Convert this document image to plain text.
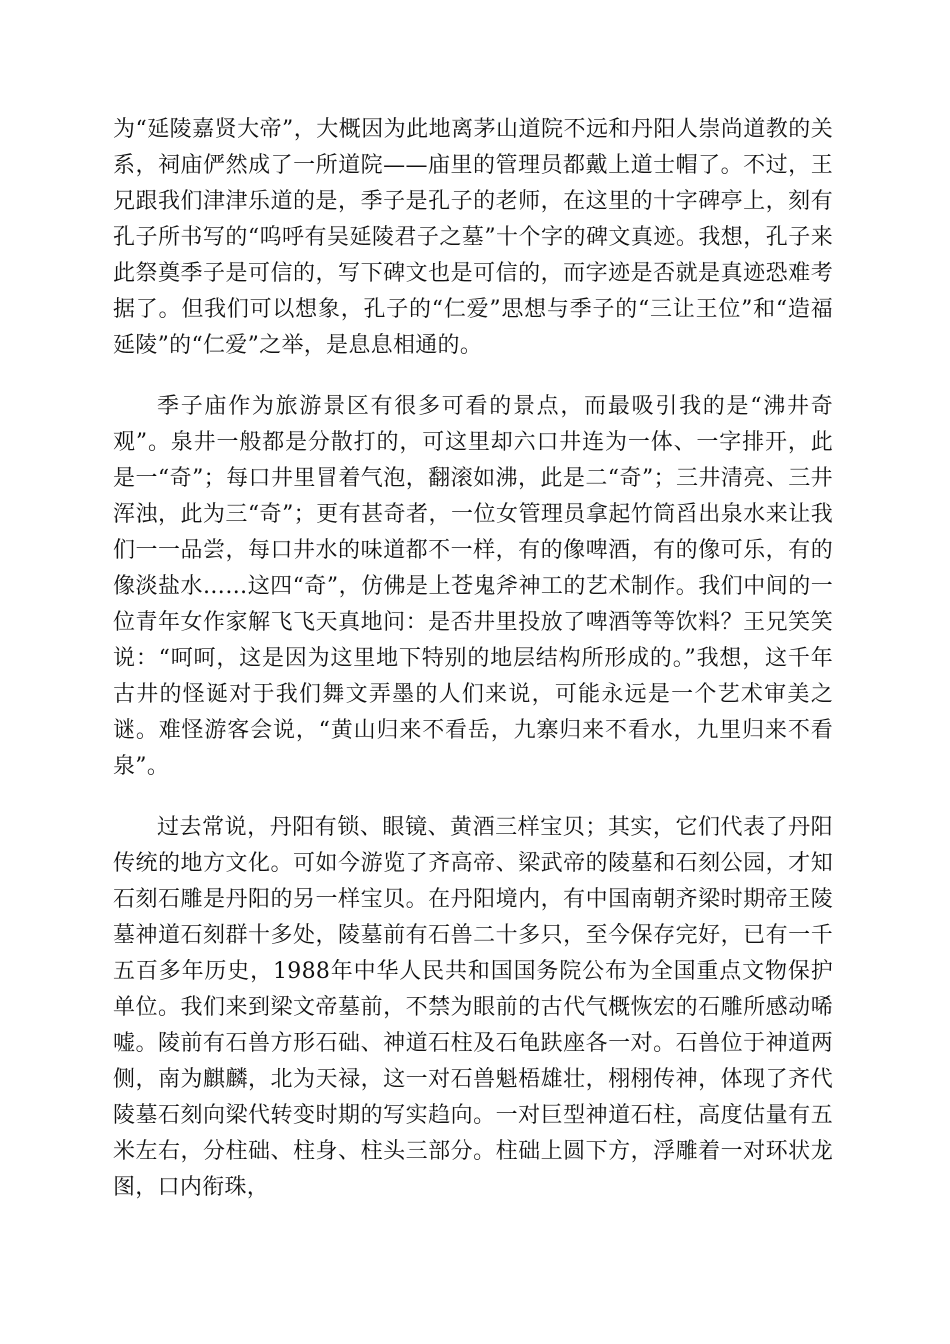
为“延陵嘉贤大帝”，大概因为此地离茅山道院不远和丹阳人崇尚道教的关系，祠庙俨然成了一所道院——庙里的管理员都戴上道士帽了。不过，王兄跟我们津津乐道的是，季子是孔子的老师，在这里的十字碑亭上，刻有孔子所书写的“呜呼有吴延陵君子之墓”十个字的碑文真迹。我想，孔子来此祭奠季子是可信的，写下碑文也是可信的，而字迹是否就是真迹恐难考据了。但我们可以想象，孔子的“仁爱”思想与季子的“三让王位”和“造福延陵”的“仁爱”之举，是息息相通的。

季子庙作为旅游景区有很多可看的景点，而最吸引我的是“沸井奇观”。泉井一般都是分散打的，可这里却六口井连为一体、一字排开，此是一“奇”；每口井里冒着气泡，翻滚如沸，此是二“奇”；三井清亮、三井浑浊，此为三“奇”；更有甚奇者，一位女管理员拿起竹筒舀出泉水来让我们一一品尝，每口井水的味道都不一样，有的像啤酒，有的像可乐，有的像淡盐水……这四“奇”，仿佛是上苍鬼斧神工的艺术制作。我们中间的一位青年女作家解飞飞天真地问：是否井里投放了啤酒等等饮料？王兄笑笑说：“呵呵，这是因为这里地下特别的地层结构所形成的。”我想，这千年古井的怪诞对于我们舞文弄墨的人们来说，可能永远是一个艺术审美之谜。难怪游客会说，“黄山归来不看岳，九寨归来不看水，九里归来不看泉”。

过去常说，丹阳有锁、眼镜、黄酒三样宝贝；其实，它们代表了丹阳传统的地方文化。可如今游览了齐高帝、梁武帝的陵墓和石刻公园，才知石刻石雕是丹阳的另一样宝贝。在丹阳境内，有中国南朝齐梁时期帝王陵墓神道石刻群十多处，陵墓前有石兽二十多只，至今保存完好，已有一千五百多年历史，1988年中华人民共和国国务院公布为全国重点文物保护单位。我们来到梁文帝墓前，不禁为眼前的古代气概恢宏的石雕所感动唏嘘。陵前有石兽方形石础、神道石柱及石龟趺座各一对。石兽位于神道两侧，南为麒麟，北为天禄，这一对石兽魁梧雄壮，栩栩传神，体现了齐代陵墓石刻向梁代转变时期的写实趋向。一对巨型神道石柱，高度估量有五米左右，分柱础、柱身、柱头三部分。柱础上圆下方，浮雕着一对环状龙图，口内衔珠，
